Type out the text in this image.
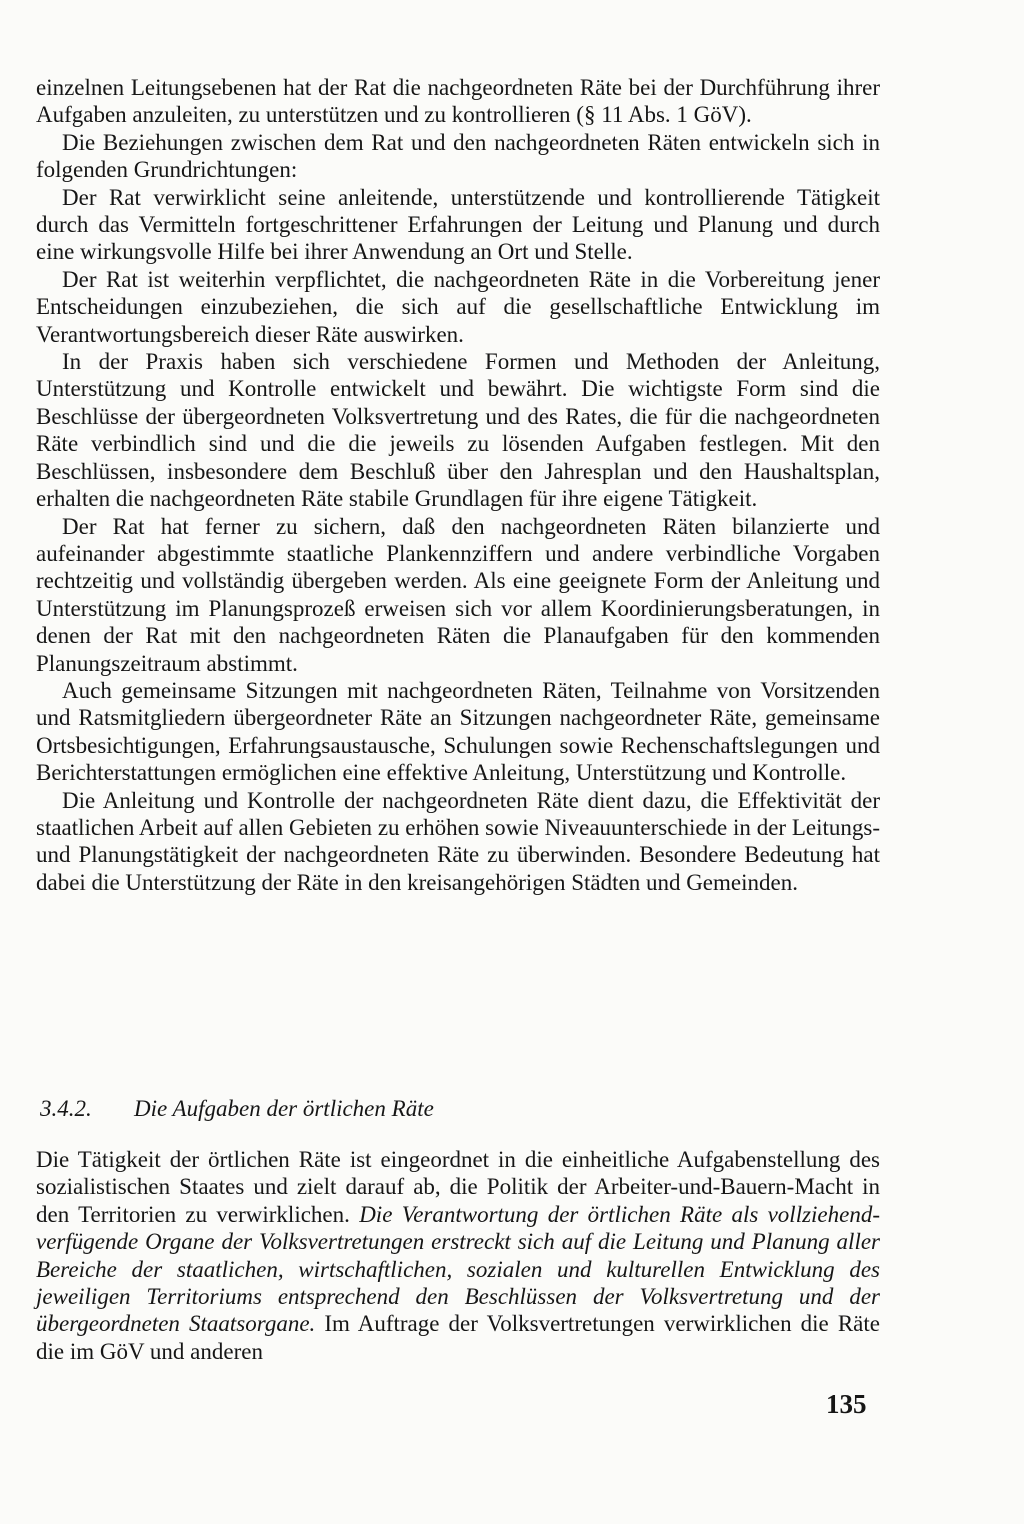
einzelnen Leitungsebenen hat der Rat die nachgeordneten Räte bei der Durchführung ihrer Aufgaben anzuleiten, zu unterstützen und zu kontrollieren (§ 11 Abs. 1 GöV).

Die Beziehungen zwischen dem Rat und den nachgeordneten Räten entwickeln sich in folgenden Grundrichtungen:

Der Rat verwirklicht seine anleitende, unterstützende und kontrollierende Tätigkeit durch das Vermitteln fortgeschrittener Erfahrungen der Leitung und Planung und durch eine wirkungsvolle Hilfe bei ihrer Anwendung an Ort und Stelle.

Der Rat ist weiterhin verpflichtet, die nachgeordneten Räte in die Vorbereitung jener Entscheidungen einzubeziehen, die sich auf die gesellschaftliche Entwicklung im Verantwortungsbereich dieser Räte auswirken.

In der Praxis haben sich verschiedene Formen und Methoden der Anleitung, Unterstützung und Kontrolle entwickelt und bewährt. Die wichtigste Form sind die Beschlüsse der übergeordneten Volksvertretung und des Rates, die für die nachgeordneten Räte verbindlich sind und die die jeweils zu lösenden Aufgaben festlegen. Mit den Beschlüssen, insbesondere dem Beschluß über den Jahresplan und den Haushaltsplan, erhalten die nachgeordneten Räte stabile Grundlagen für ihre eigene Tätigkeit.

Der Rat hat ferner zu sichern, daß den nachgeordneten Räten bilanzierte und aufeinander abgestimmte staatliche Plankennziffern und andere verbindliche Vorgaben rechtzeitig und vollständig übergeben werden. Als eine geeignete Form der Anleitung und Unterstützung im Planungsprozeß erweisen sich vor allem Koordinierungsberatungen, in denen der Rat mit den nachgeordneten Räten die Planaufgaben für den kommenden Planungszeitraum abstimmt.

Auch gemeinsame Sitzungen mit nachgeordneten Räten, Teilnahme von Vorsitzenden und Ratsmitgliedern übergeordneter Räte an Sitzungen nachgeordneter Räte, gemeinsame Ortsbesichtigungen, Erfahrungsaustausche, Schulungen sowie Rechenschaftslegungen und Berichterstattungen ermöglichen eine effektive Anleitung, Unterstützung und Kontrolle.

Die Anleitung und Kontrolle der nachgeordneten Räte dient dazu, die Effektivität der staatlichen Arbeit auf allen Gebieten zu erhöhen sowie Niveauunterschiede in der Leitungs- und Planungstätigkeit der nachgeordneten Räte zu überwinden. Besondere Bedeutung hat dabei die Unterstützung der Räte in den kreisangehörigen Städten und Gemeinden.

3.4.2. Die Aufgaben der örtlichen Räte

Die Tätigkeit der örtlichen Räte ist eingeordnet in die einheitliche Aufgabenstellung des sozialistischen Staates und zielt darauf ab, die Politik der Arbeiter-und-Bauern-Macht in den Territorien zu verwirklichen. Die Verantwortung der örtlichen Räte als vollziehend-verfügende Organe der Volksvertretungen erstreckt sich auf die Leitung und Planung aller Bereiche der staatlichen, wirtschaftlichen, sozialen und kulturellen Entwicklung des jeweiligen Territoriums entsprechend den Beschlüssen der Volksvertretung und der übergeordneten Staatsorgane. Im Auftrage der Volksvertretungen verwirklichen die Räte die im GöV und anderen

135
